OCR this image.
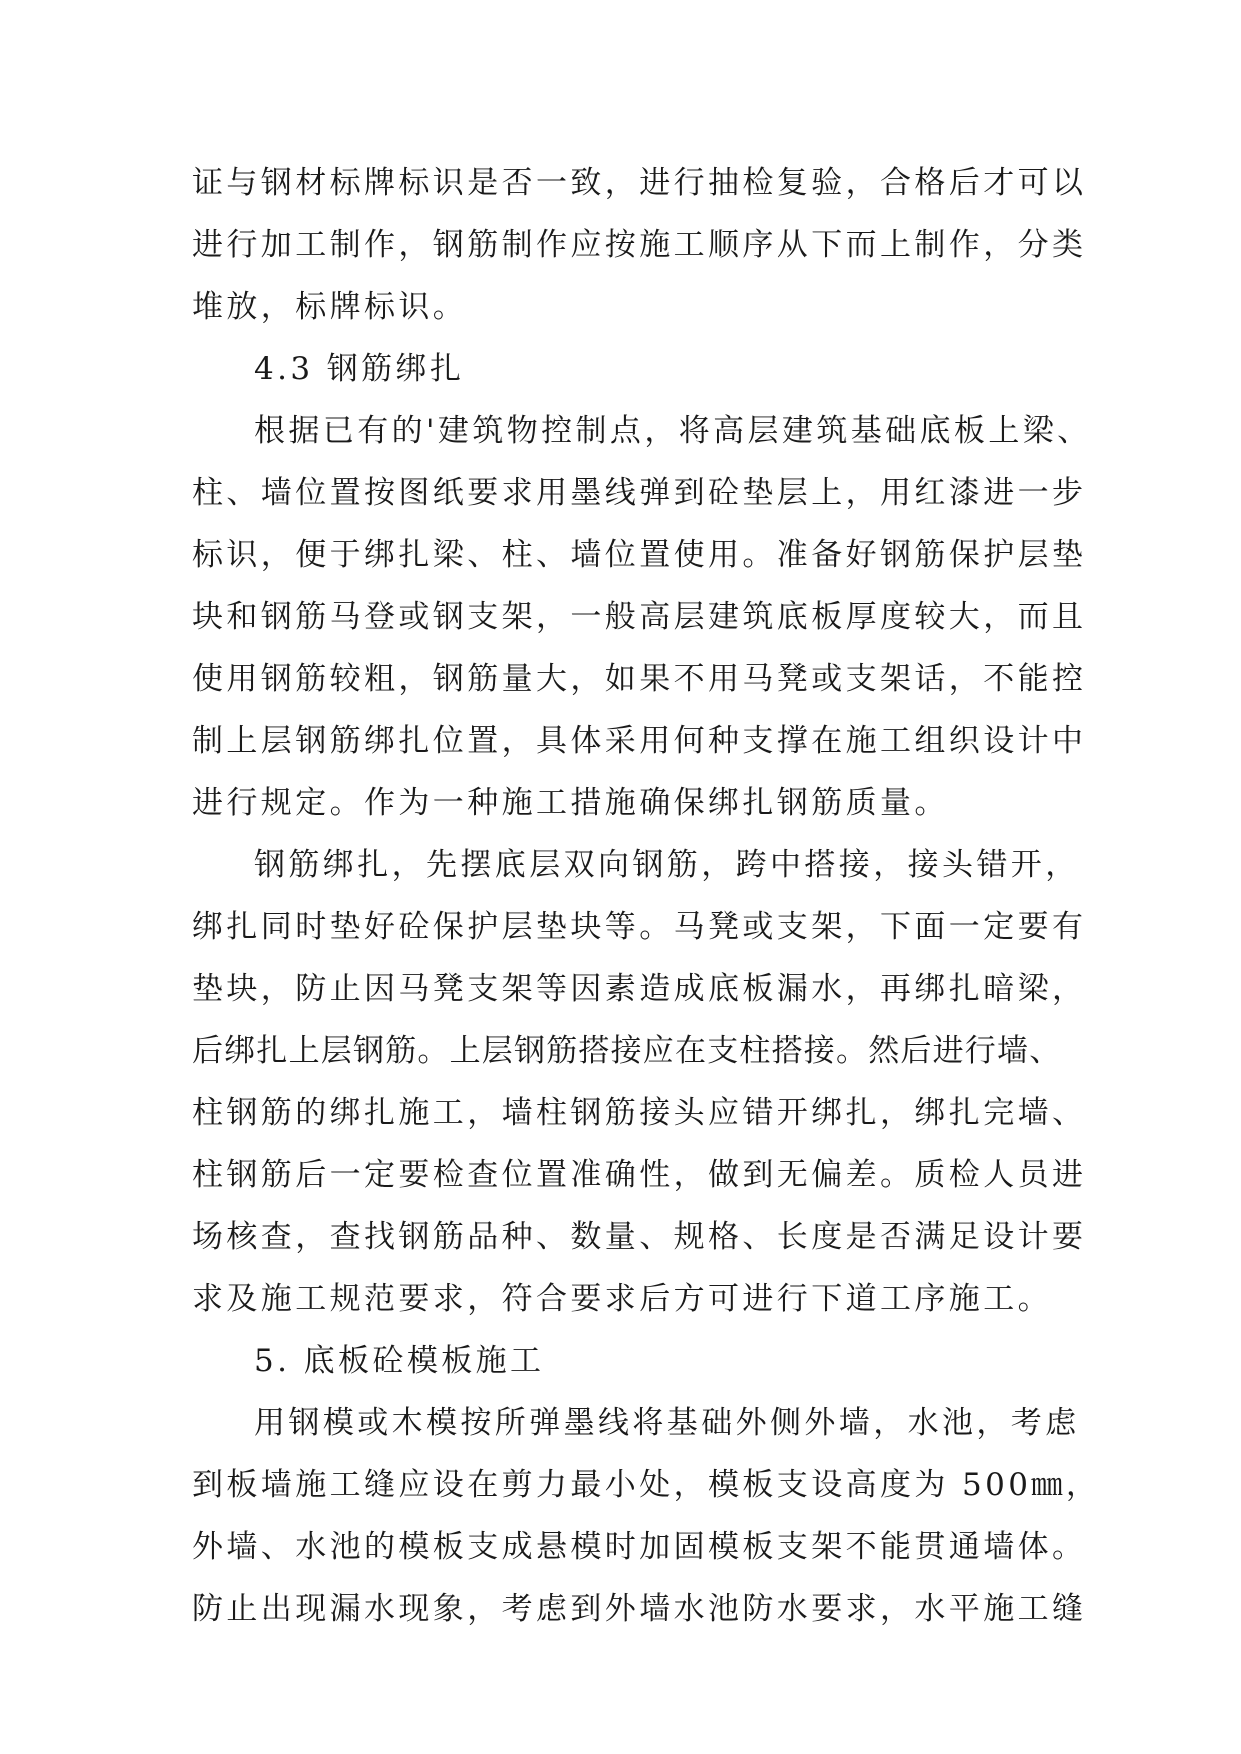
证与钢材标牌标识是否一致，进行抽检复验，合格后才可以

进行加工制作，钢筋制作应按施工顺序从下而上制作，分类

堆放，标牌标识。

4.3 钢筋绑扎

根据已有的'建筑物控制点，将高层建筑基础底板上梁、

柱、墙位置按图纸要求用墨线弹到砼垫层上，用红漆进一步

标识，便于绑扎梁、柱、墙位置使用。准备好钢筋保护层垫

块和钢筋马登或钢支架，一般高层建筑底板厚度较大，而且

使用钢筋较粗，钢筋量大，如果不用马凳或支架话，不能控

制上层钢筋绑扎位置，具体采用何种支撑在施工组织设计中

进行规定。作为一种施工措施确保绑扎钢筋质量。

钢筋绑扎，先摆底层双向钢筋，跨中搭接，接头错开，

绑扎同时垫好砼保护层垫块等。马凳或支架，下面一定要有

垫块，防止因马凳支架等因素造成底板漏水，再绑扎暗梁，

后绑扎上层钢筋。上层钢筋搭接应在支柱搭接。然后进行墙、

柱钢筋的绑扎施工，墙柱钢筋接头应错开绑扎，绑扎完墙、

柱钢筋后一定要检查位置准确性，做到无偏差。质检人员进

场核查，查找钢筋品种、数量、规格、长度是否满足设计要

求及施工规范要求，符合要求后方可进行下道工序施工。

5. 底板砼模板施工

用钢模或木模按所弹墨线将基础外侧外墙，水池，考虑

到板墙施工缝应设在剪力最小处，模板支设高度为 500㎜，

外墙、水池的模板支成悬模时加固模板支架不能贯通墙体。

防止出现漏水现象，考虑到外墙水池防水要求，水平施工缝
